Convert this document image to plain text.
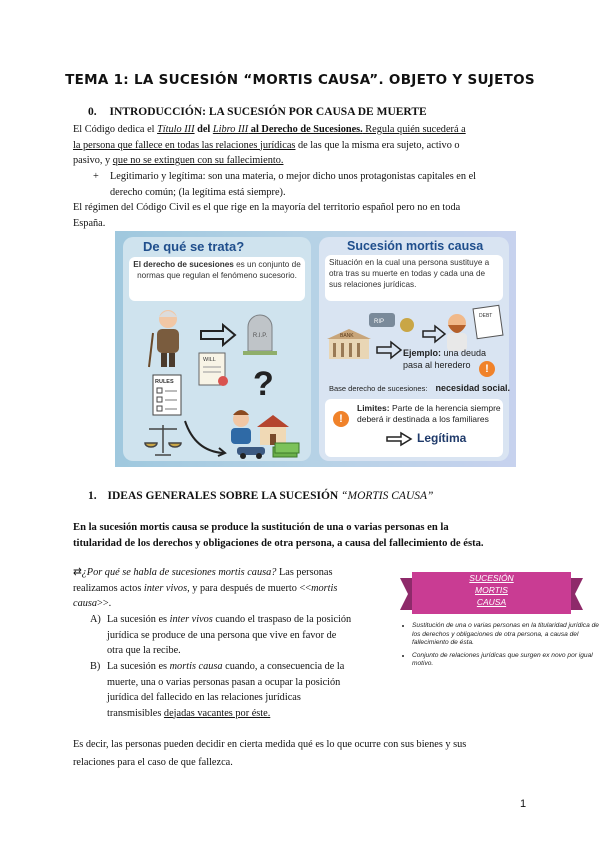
TEMA 1: LA SUCESIÓN “MORTIS CAUSA”. OBJETO Y SUJETOS
0. INTRODUCCIÓN: LA SUCESIÓN POR CAUSA DE MUERTE
El Código dedica el Título III del Libro III al Derecho de Sucesiones. Regula quién sucederá a
la persona que fallece en todas las relaciones jurídicas de las que la misma era sujeto, activo o
pasivo, y que no se extinguen con su fallecimiento.
+ Legitimario y legítima: son una materia, o mejor dicho unos protagonistas capitales en el
derecho común; (la legítima está siempre).
El régimen del Código Civil es el que rige en la mayoría del territorio español pero no en toda
España.
De qué se trata?
El derecho de sucesiones es un conjunto de normas que regulan el fenómeno sucesorio.
R.I.P.
WILL
?
RULES
Sucesión mortis causa
Situación en la cual una persona sustituye a otra tras su muerte en todas y cada una de sus relaciones jurídicas.
RIP
BANK
DEBT
Ejemplo: una deuda
pasa al heredero	!
Base derecho de sucesiones: necesidad social.
!
Limites: Parte de la herencia siempre
deberá ir destinada a los familiares
Legítima
1. IDEAS GENERALES SOBRE LA SUCESIÓN “MORTIS CAUSA”
En la sucesión mortis causa se produce la sustitución de una o varias personas en la
titularidad de los derechos y obligaciones de otra persona, a causa del fallecimiento de ésta.
⇄¿Por qué se habla de sucesiones mortis causa? Las personas
realizamos actos inter vivos, y para después de muerto <<mortis
causa>>.
A) La sucesión es inter vivos cuando el traspaso de la posición
jurídica se produce de una persona que vive en favor de
otra que la recibe.
B) La sucesión es mortis causa cuando, a consecuencia de la
muerte, una o varias personas pasan a ocupar la posición
jurídica del fallecido en las relaciones jurídicas
transmisibles dejadas vacantes por éste.
SUCESIÓN
MORTIS
CAUSA
• Sustitución de una o varias personas en la titularidad jurídica de los derechos y obligaciones de otra persona, a causa del fallecimiento de ésta.
• Conjunto de relaciones jurídicas que surgen ex novo por igual motivo.
Es decir, las personas pueden decidir en cierta medida qué es lo que ocurre con sus bienes y sus
relaciones para el caso de que fallezca.
1
